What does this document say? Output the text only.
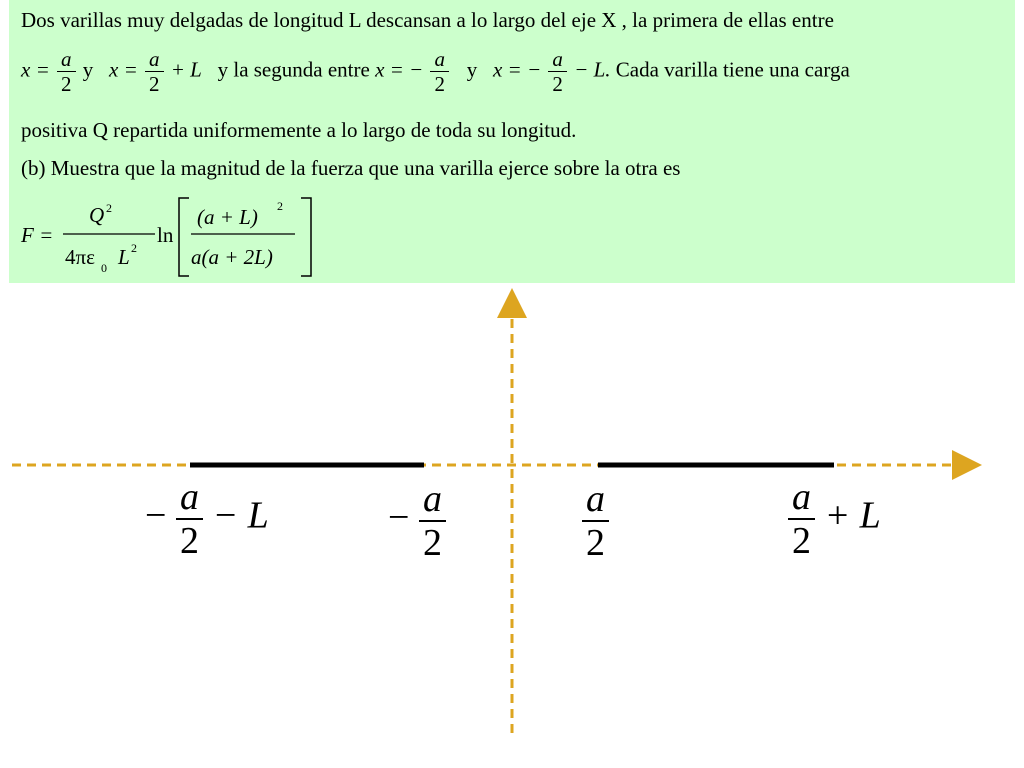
Dos varillas muy delgadas de longitud L descansan a lo largo del eje X , la primera de ellas entre
$x = \frac{a}{2}$ y $x = \frac{a}{2} + L$ y la segunda entre x = − $\frac{a}{2}$ y x = − $\frac{a}{2} - L$. Cada varilla tiene una carga
positiva Q repartida uniformemente a lo largo de toda su longitud.
(b) Muestra que la magnitud de la fuerza que una varilla ejerce sobre la otra es
F =
Q 2
4πε 0 L 2
ln
(a + L) 2
a(a + 2L)
− $\frac{a}{2} - L$	− $\frac{a}{2}$	$\frac{a}{2}$	$\frac{a}{2} + L$
